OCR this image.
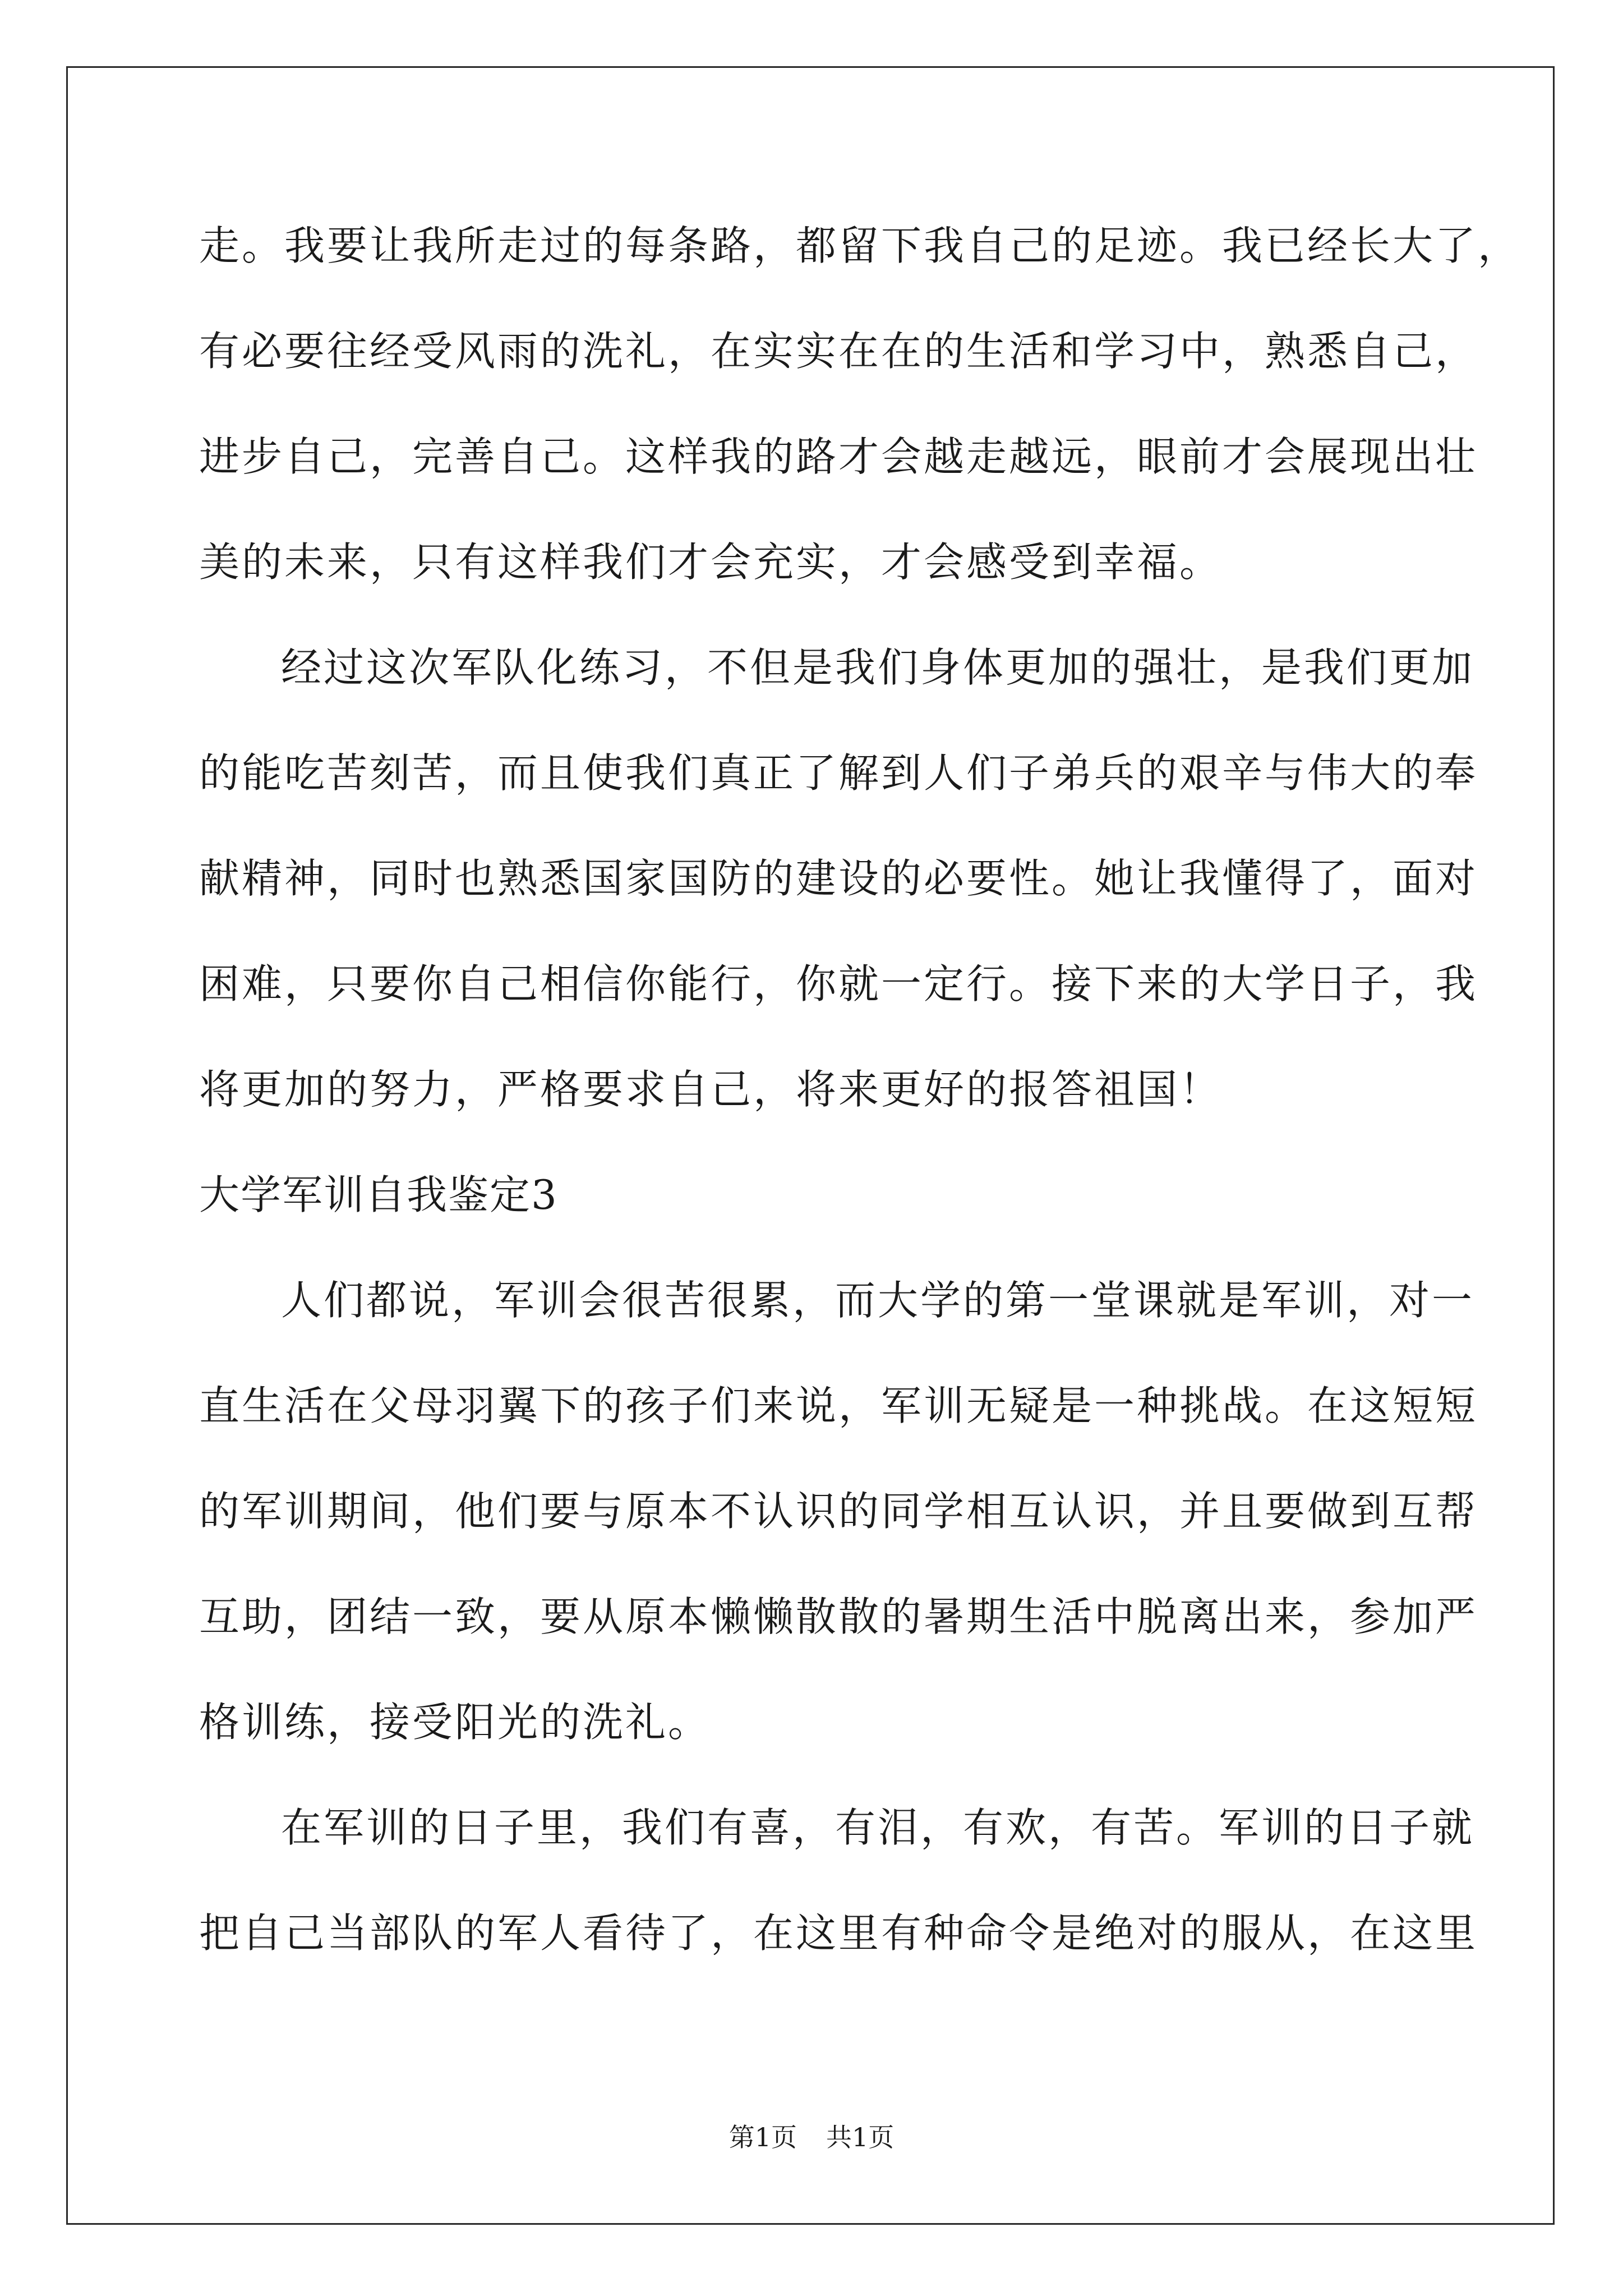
走。我要让我所走过的每条路，都留下我自己的足迹。我已经长大了，
有必要往经受风雨的洗礼，在实实在在的生活和学习中，熟悉自己，
进步自己，完善自己。这样我的路才会越走越远，眼前才会展现出壮
美的未来，只有这样我们才会充实，才会感受到幸福。
经过这次军队化练习，不但是我们身体更加的强壮，是我们更加
的能吃苦刻苦，而且使我们真正了解到人们子弟兵的艰辛与伟大的奉
献精神，同时也熟悉国家国防的建设的必要性。她让我懂得了，面对
困难，只要你自己相信你能行，你就一定行。接下来的大学日子，我
将更加的努力，严格要求自己，将来更好的报答祖国！
大学军训自我鉴定3
人们都说，军训会很苦很累，而大学的第一堂课就是军训，对一
直生活在父母羽翼下的孩子们来说，军训无疑是一种挑战。在这短短
的军训期间，他们要与原本不认识的同学相互认识，并且要做到互帮
互助，团结一致，要从原本懒懒散散的暑期生活中脱离出来，参加严
格训练，接受阳光的洗礼。
在军训的日子里，我们有喜，有泪，有欢，有苦。军训的日子就
把自己当部队的军人看待了，在这里有种命令是绝对的服从，在这里
第1页 共1页
